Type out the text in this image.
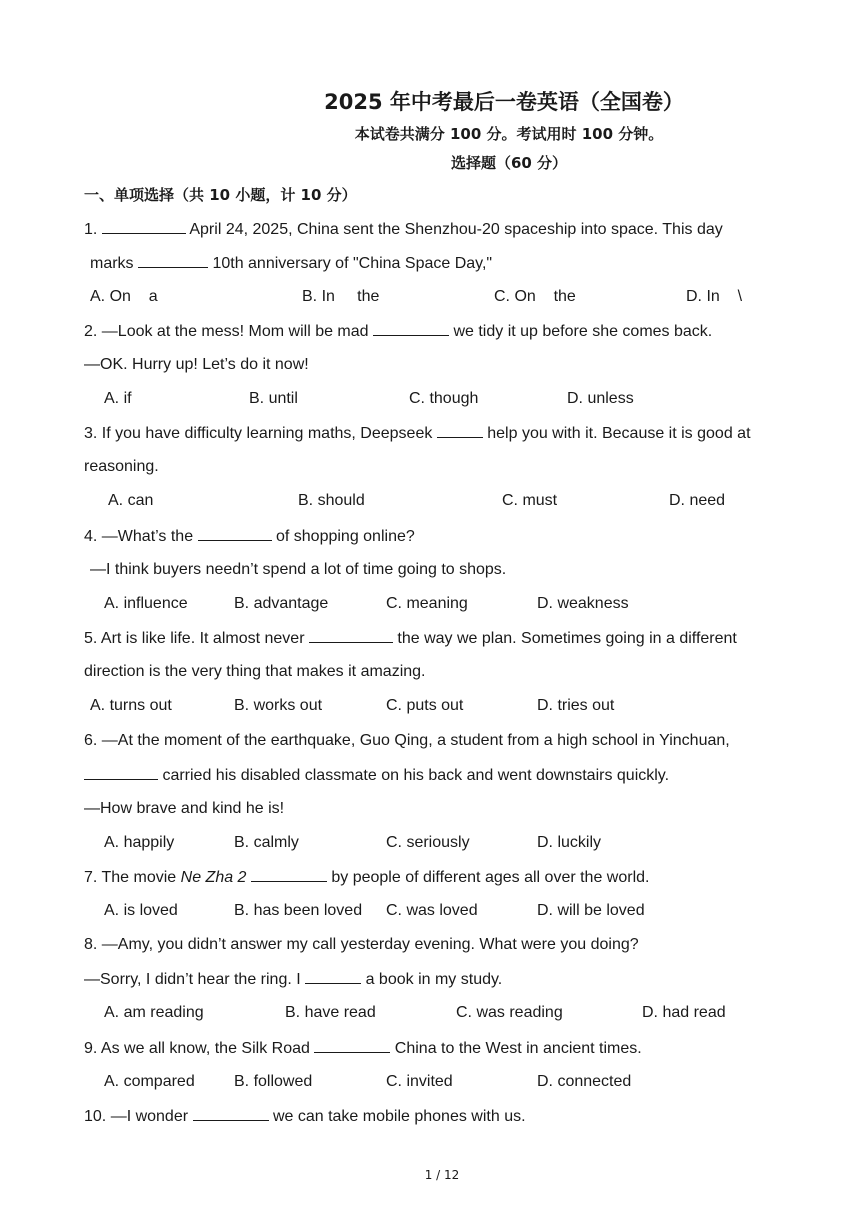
2025 年中考最后一卷英语（全国卷）
本试卷共满分 100 分。考试用时 100 分钟。
选择题（60 分）
一、单项选择（共 10 小题，计 10 分）
1.	April 24, 2025, China sent the Shenzhou-20 spaceship into space. This day
marks	10th anniversary of "China Space Day,"
A. On    a	B. In     the	C. On    the	D. In    \
2. —Look at the mess! Mom will be mad	we tidy it up before she comes back.
—OK. Hurry up! Let’s do it now!
A. if	B. until	C. though	D. unless
3. If you have difficulty learning maths, Deepseek	help you with it. Because it is good at
reasoning.
A. can	B. should	C. must	D. need
4. —What’s the	of shopping online?
—I think buyers needn’t spend a lot of time going to shops.
A. influence	B. advantage	C. meaning	D. weakness
5. Art is like life. It almost never	the way we plan. Sometimes going in a different
direction is the very thing that makes it amazing.
A. turns out	B. works out	C. puts out	D. tries out
6. —At the moment of the earthquake, Guo Qing, a student from a high school in Yinchuan,
carried his disabled classmate on his back and went downstairs quickly.
—How brave and kind he is!
A. happily	B. calmly	C. seriously	D. luckily
7. The movie Ne Zha 2	by people of different ages all over the world.
A. is loved	B. has been loved C. was loved	D. will be loved
8. —Amy, you didn’t answer my call yesterday evening. What were you doing?
—Sorry, I didn’t hear the ring. I	a book in my study.
A. am reading	B. have read	C. was reading	D. had read
9. As we all know, the Silk Road	China to the West in ancient times.
A. compared B. followed	C. invited	D. connected
10. —I wonder	we can take mobile phones with us.
1 / 12
